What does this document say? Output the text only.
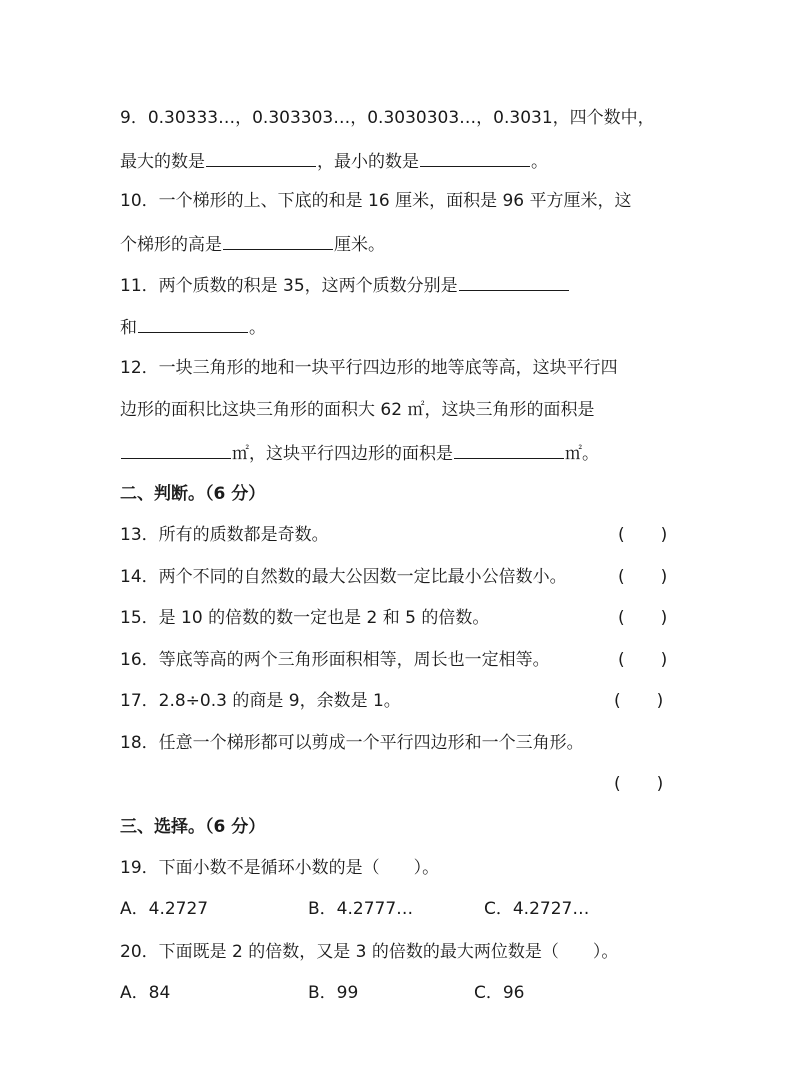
9．0.30333…，0.303303…，0.3030303…，0.3031，四个数中，
最大的数是	，最小的数是	。
10．一个梯形的上、下底的和是 16 厘米，面积是 96 平方厘米，这
个梯形的高是	厘米。
11．两个质数的积是 35，这两个质数分别是
和	。
12．一块三角形的地和一块平行四边形的地等底等高，这块平行四
边形的面积比这块三角形的面积大 62 ㎡，这块三角形的面积是
㎡，这块平行四边形的面积是	㎡。
二、判断。（6 分）
13．所有的质数都是奇数。	( )
14．两个不同的自然数的最大公因数一定比最小公倍数小。	( )
15．是 10 的倍数的数一定也是 2 和 5 的倍数。	( )
16．等底等高的两个三角形面积相等，周长也一定相等。	( )
17．2.8÷0.3 的商是 9，余数是 1。	( )
18．任意一个梯形都可以剪成一个平行四边形和一个三角形。
( )
三、选择。（6 分）
19．下面小数不是循环小数的是（　　）。
A．4.2727	B．4.2777…	C．4.2727…
20．下面既是 2 的倍数，又是 3 的倍数的最大两位数是（　　）。
A．84	B．99	C．96
